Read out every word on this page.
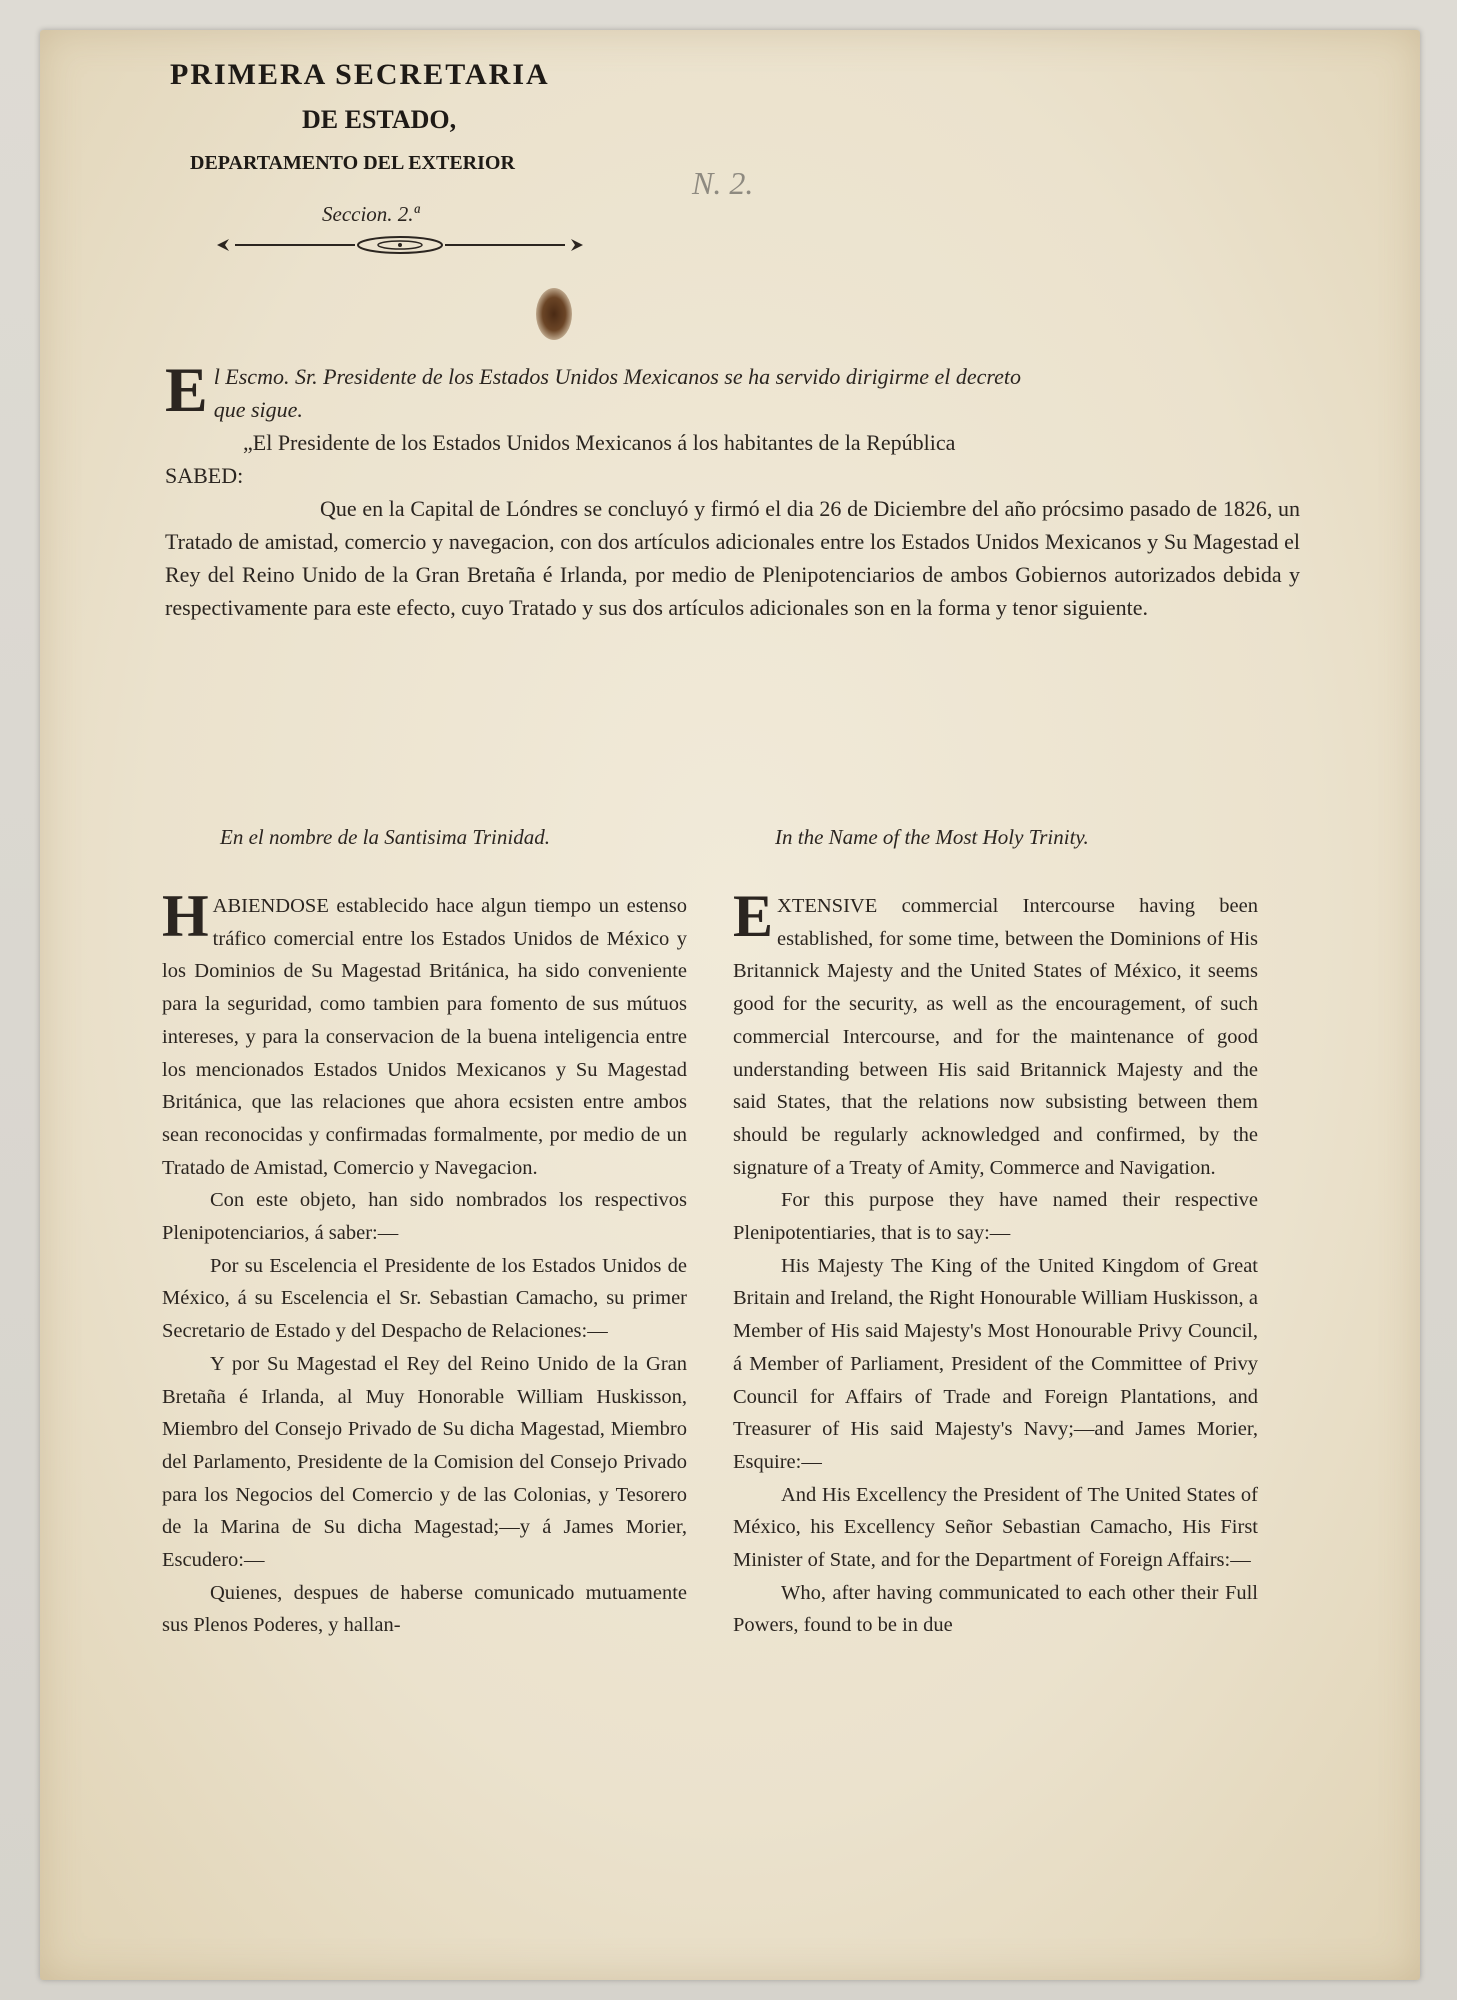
PRIMERA SECRETARIA
DE ESTADO,
DEPARTAMENTO DEL EXTERIOR
Seccion. 2.ª
N. 2.
E l Escmo. Sr. Presidente de los Estados Unidos Mexicanos se ha servido dirigirme el decreto
que sigue.
„El Presidente de los Estados Unidos Mexicanos á los habitantes de la República
SABED:

Que en la Capital de Lóndres se concluyó y firmó el dia 26 de Diciembre del año prócsimo pasado de 1826, un Tratado de amistad, comercio y navegacion, con dos artículos adicionales entre los Estados Unidos Mexicanos y Su Magestad el Rey del Reino Unido de la Gran Bretaña é Irlanda, por medio de Plenipotenciarios de ambos Gobiernos autorizados debida y respectivamente para este efecto, cuyo Tratado y sus dos artículos adicionales son en la forma y tenor siguiente.

En el nombre de la Santisima Trinidad.	In the Name of the Most Holy Trinity.

HABIENDOSE establecido hace algun tiempo un estenso tráfico comercial entre los Estados Unidos de México y los Dominios de Su Magestad Británica, ha sido conveniente para la seguridad, como tambien para fomento de sus mútuos intereses, y para la conservacion de la buena inteligencia entre los mencionados Estados Unidos Mexicanos y Su Magestad Británica, que las relaciones que ahora ecsisten entre ambos sean reconocidas y confirmadas formalmente, por medio de un Tratado de Amistad, Comercio y Navegacion.

Con este objeto, han sido nombrados los respectivos Plenipotenciarios, á saber:—

Por su Escelencia el Presidente de los Estados Unidos de México, á su Escelencia el Sr. Sebastian Camacho, su primer Secretario de Estado y del Despacho de Relaciones:—

Y por Su Magestad el Rey del Reino Unido de la Gran Bretaña é Irlanda, al Muy Honorable William Huskisson, Miembro del Consejo Privado de Su dicha Magestad, Miembro del Parlamento, Presidente de la Comision del Consejo Privado para los Negocios del Comercio y de las Colonias, y Tesorero de la Marina de Su dicha Magestad;—y á James Morier, Escudero:—

Quienes, despues de haberse comunicado mutuamente sus Plenos Poderes, y hallan-

EXTENSIVE commercial Intercourse having been established, for some time, between the Dominions of His Britannick Majesty and the United States of México, it seems good for the security, as well as the encouragement, of such commercial Intercourse, and for the maintenance of good understanding between His said Britannick Majesty and the said States, that the relations now subsisting between them should be regularly acknowledged and confirmed, by the signature of a Treaty of Amity, Commerce and Navigation.

For this purpose they have named their respective Plenipotentiaries, that is to say:—

His Majesty The King of the United Kingdom of Great Britain and Ireland, the Right Honourable William Huskisson, a Member of His said Majesty's Most Honourable Privy Council, á Member of Parliament, President of the Committee of Privy Council for Affairs of Trade and Foreign Plantations, and Treasurer of His said Majesty's Navy;—and James Morier, Esquire:—

And His Excellency the President of The United States of México, his Excellency Señor Sebastian Camacho, His First Minister of State, and for the Department of Foreign Affairs:—

Who, after having communicated to each other their Full Powers, found to be in due
